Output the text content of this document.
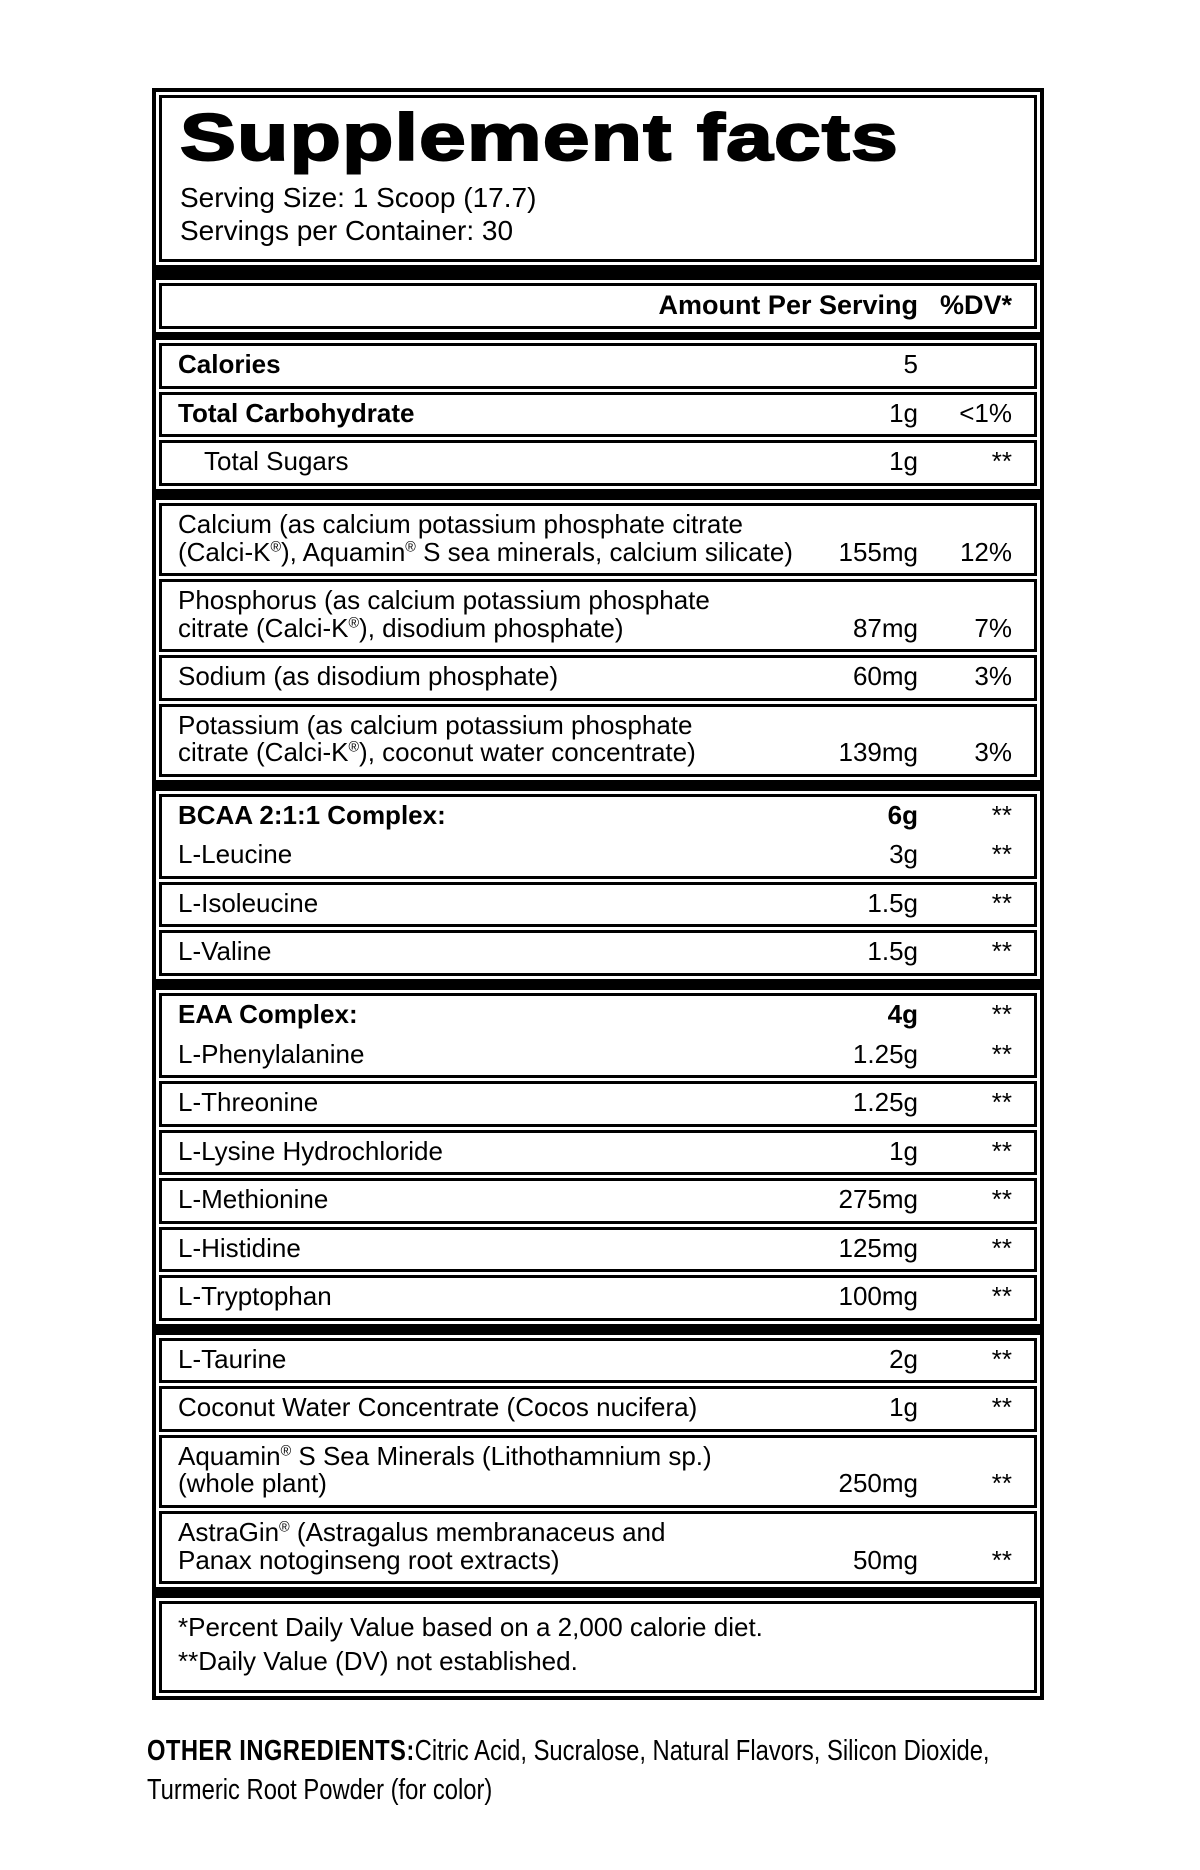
Supplement facts
Serving Size: 1 Scoop (17.7)
Servings per Container: 30
Amount Per Serving %DV*
Calories	5
Total Carbohydrate	1g <1%
Total Sugars	1g	**
Calcium (as calcium potassium phosphate citrate
(Calci-K®), Aquamin® S sea minerals, calcium silicate)	155mg 12%
Phosphorus (as calcium potassium phosphate
citrate (Calci-K®), disodium phosphate)	87mg 7%
Sodium (as disodium phosphate)	60mg 3%
Potassium (as calcium potassium phosphate
citrate (Calci-K®), coconut water concentrate)	139mg 3%
BCAA 2:1:1 Complex:	6g	**
L-Leucine	3g	**
L-Isoleucine	1.5g	**
L-Valine	1.5g	**
EAA Complex:	4g	**
L-Phenylalanine	1.25g	**
L-Threonine	1.25g	**
L-Lysine Hydrochloride	1g	**
L-Methionine	275mg	**
L-Histidine	125mg	**
L-Tryptophan	100mg	**
L-Taurine	2g	**
Coconut Water Concentrate (Cocos nucifera)	1g	**
Aquamin® S Sea Minerals (Lithothamnium sp.)
(whole plant)	250mg	**
AstraGin® (Astragalus membranaceus and
Panax notoginseng root extracts)	50mg	**
*Percent Daily Value based on a 2,000 calorie diet.
**Daily Value (DV) not established.

OTHER INGREDIENTS:Citric Acid, Sucralose, Natural Flavors, Silicon Dioxide, Turmeric Root Powder (for color)
